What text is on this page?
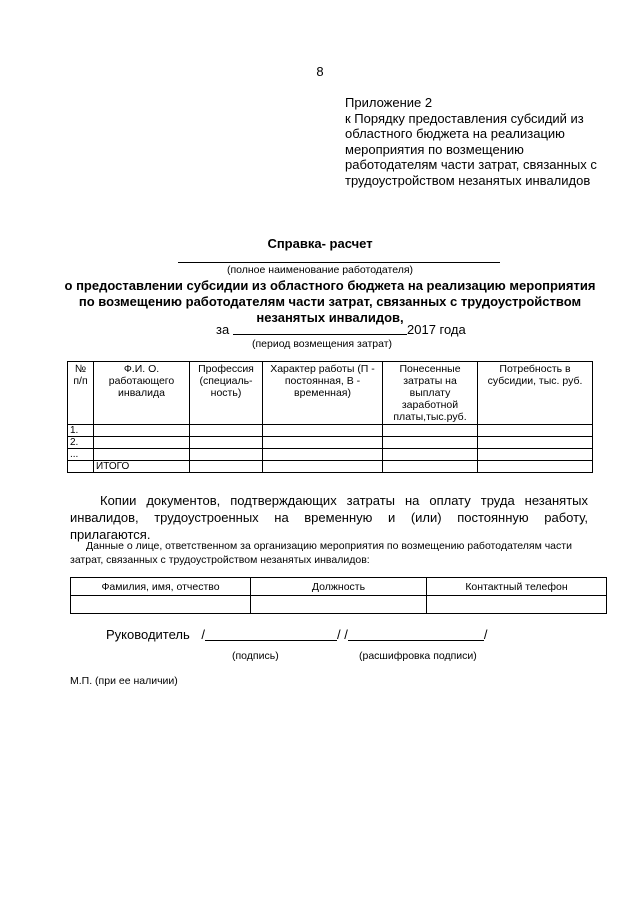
8
Приложение 2
к Порядку предоставления субсидий из
областного бюджета на реализацию
мероприятия по возмещению
работодателям части затрат, связанных с
трудоустройством незанятых инвалидов
Справка- расчет
(полное наименование работодателя)
о предоставлении субсидии из областного бюджета на реализацию мероприятия
по возмещению работодателям части затрат, связанных с трудоустройством
незанятых инвалидов,
за	2017 года
(период возмещения затрат)
№ п/п	Ф.И. О. работающего инвалида	Профессия (специаль-ность)	Характер работы (П - постоянная, В - временная)	Понесенные затраты на выплату заработной платы,тыс.руб.	Потребность в субсидии, тыс. руб.
1.					
2.					
...					
	ИТОГО				
Копии документов, подтверждающих затраты на оплату труда незанятых инвалидов, трудоустроенных на временную и (или) постоянную работу, прилагаются.
Данные о лице, ответственном за организацию мероприятия по возмещению работодателям части затрат, связанных с трудоустройством незанятых инвалидов:
Фамилия, имя, отчество	Должность	Контактный телефон

Руководитель /	/ /	/
(подпись)	(расшифровка подписи)
М.П. (при ее наличии)
